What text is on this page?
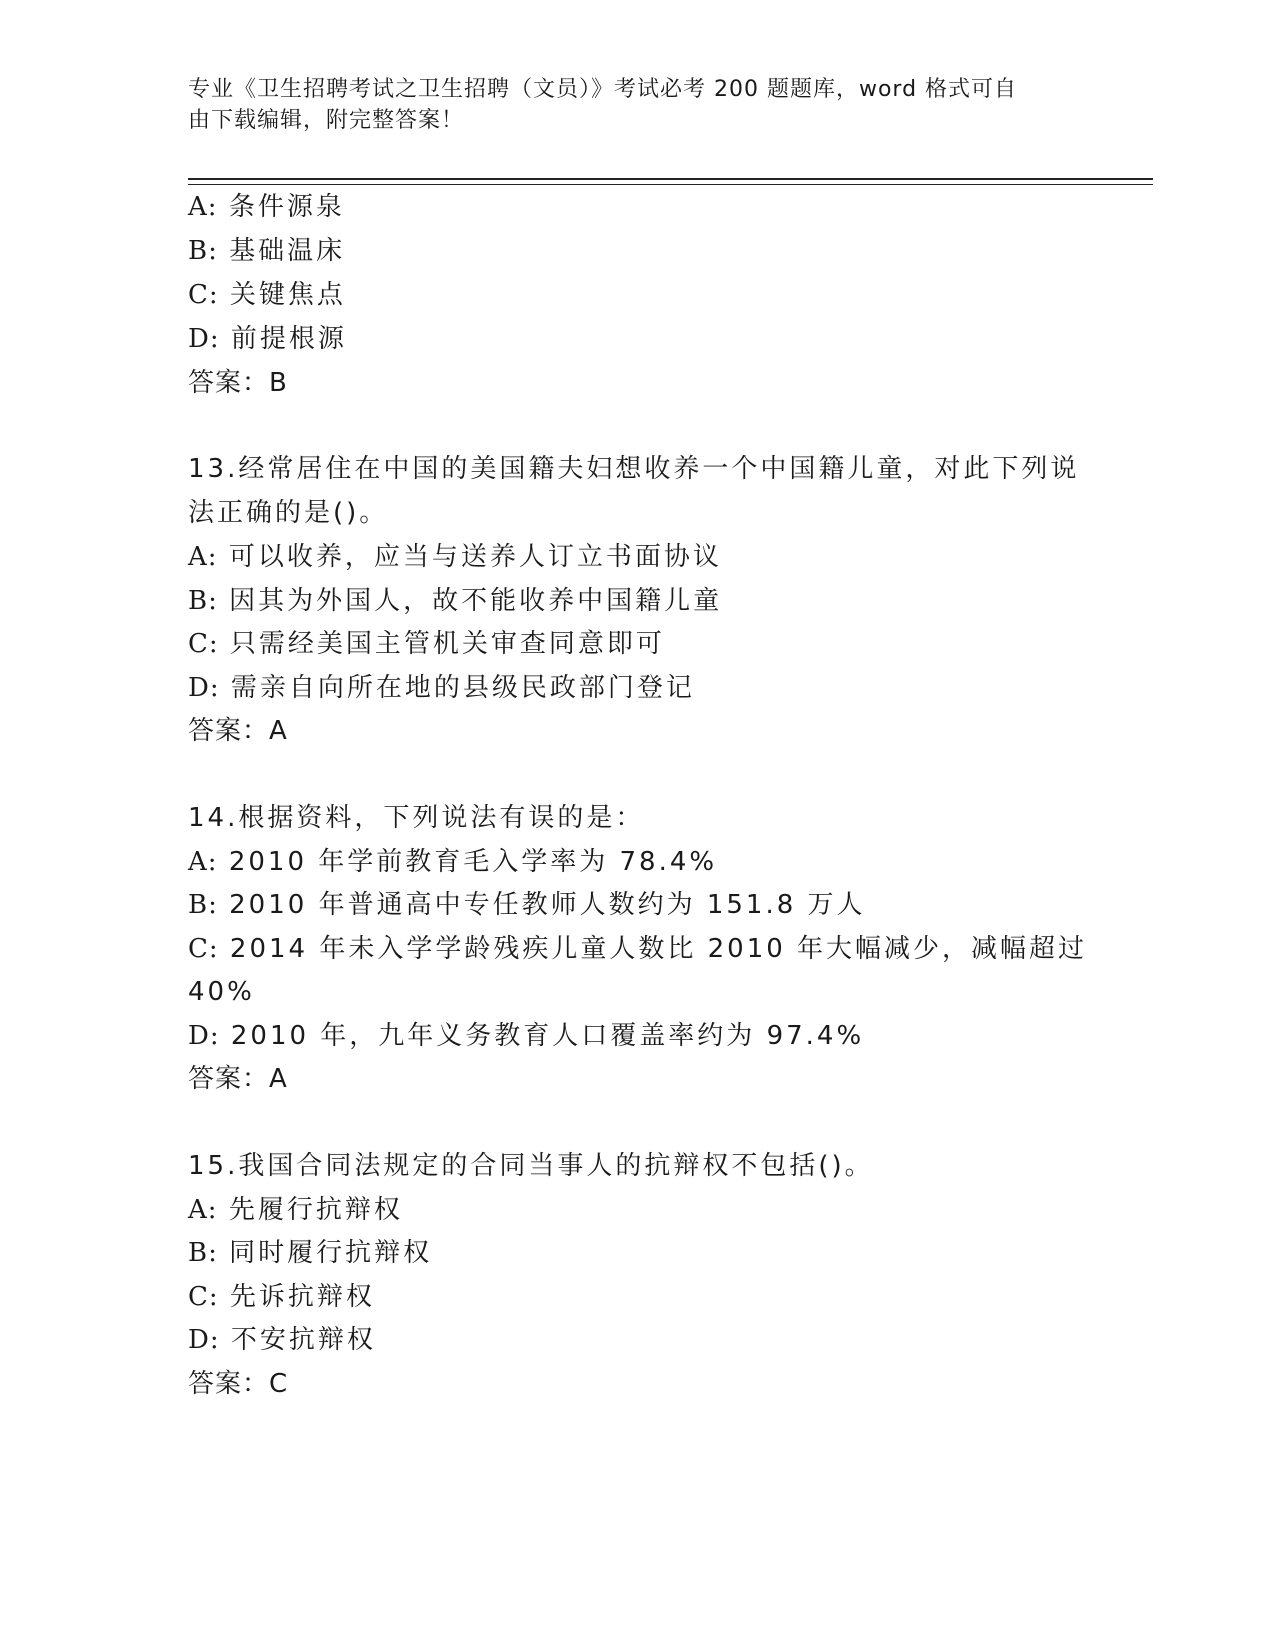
专业《卫生招聘考试之卫生招聘（文员）》考试必考 200 题题库，word 格式可自
由下载编辑，附完整答案！
A: 条件源泉
B: 基础温床
C: 关键焦点
D: 前提根源
答案：B
13.经常居住在中国的美国籍夫妇想收养一个中国籍儿童，对此下列说
法正确的是()。
A: 可以收养，应当与送养人订立书面协议
B: 因其为外国人，故不能收养中国籍儿童
C: 只需经美国主管机关审查同意即可
D: 需亲自向所在地的县级民政部门登记
答案：A
14.根据资料，下列说法有误的是：
A: 2010 年学前教育毛入学率为 78.4%
B: 2010 年普通高中专任教师人数约为 151.8 万人
C: 2014 年未入学学龄残疾儿童人数比 2010 年大幅减少，减幅超过
40%
D: 2010 年，九年义务教育人口覆盖率约为 97.4%
答案：A
15.我国合同法规定的合同当事人的抗辩权不包括()。
A: 先履行抗辩权
B: 同时履行抗辩权
C: 先诉抗辩权
D: 不安抗辩权
答案：C
